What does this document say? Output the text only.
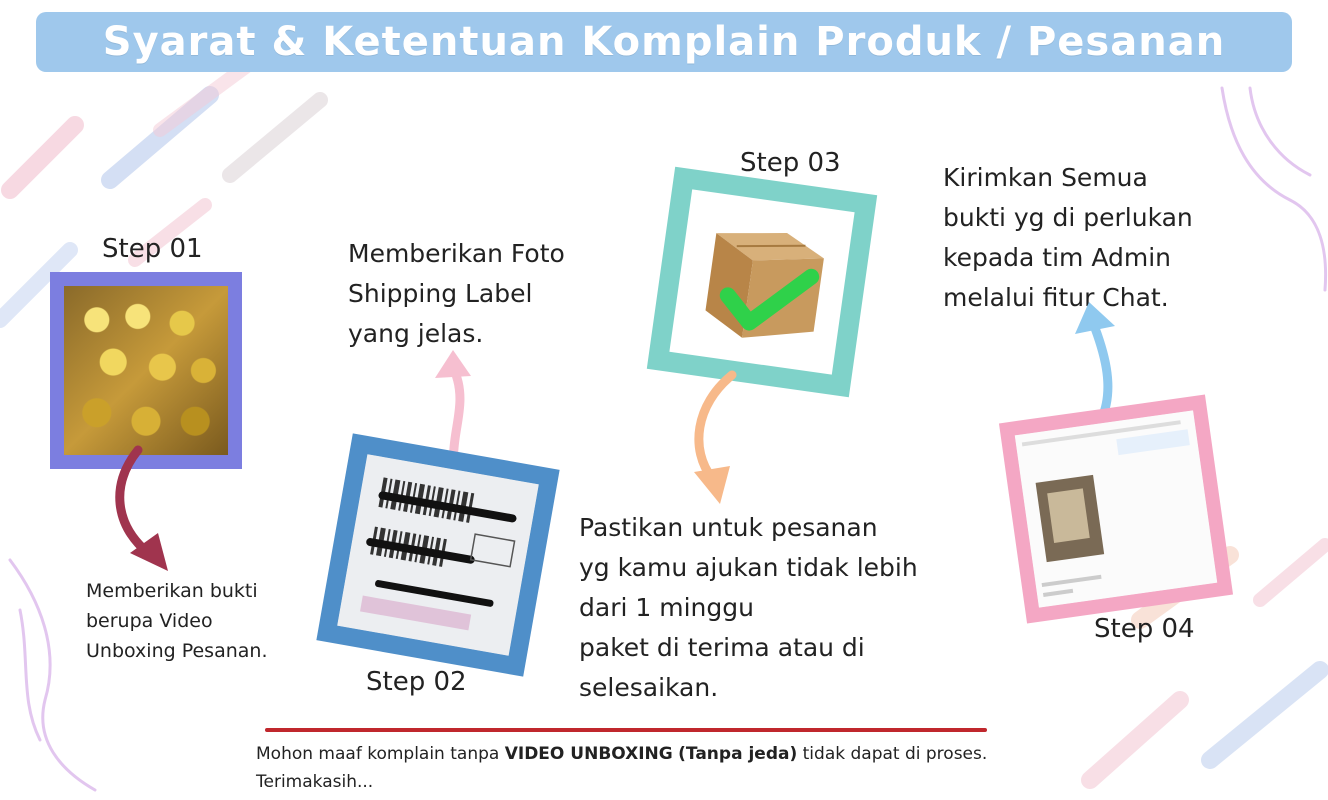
Syarat & Ketentuan Komplain Produk / Pesanan
Step 01
Memberikan bukti
berupa Video
Unboxing Pesanan.
Memberikan Foto
Shipping Label
yang jelas.
Step 02
Step 03
Pastikan untuk pesanan
yg kamu ajukan tidak lebih
dari 1 minggu
paket di terima atau di
selesaikan.
Kirimkan Semua
bukti yg di perlukan
kepada tim Admin
melalui fitur Chat.
Step 04
Mohon maaf komplain tanpa VIDEO UNBOXING (Tanpa jeda) tidak dapat di proses.
Terimakasih...
